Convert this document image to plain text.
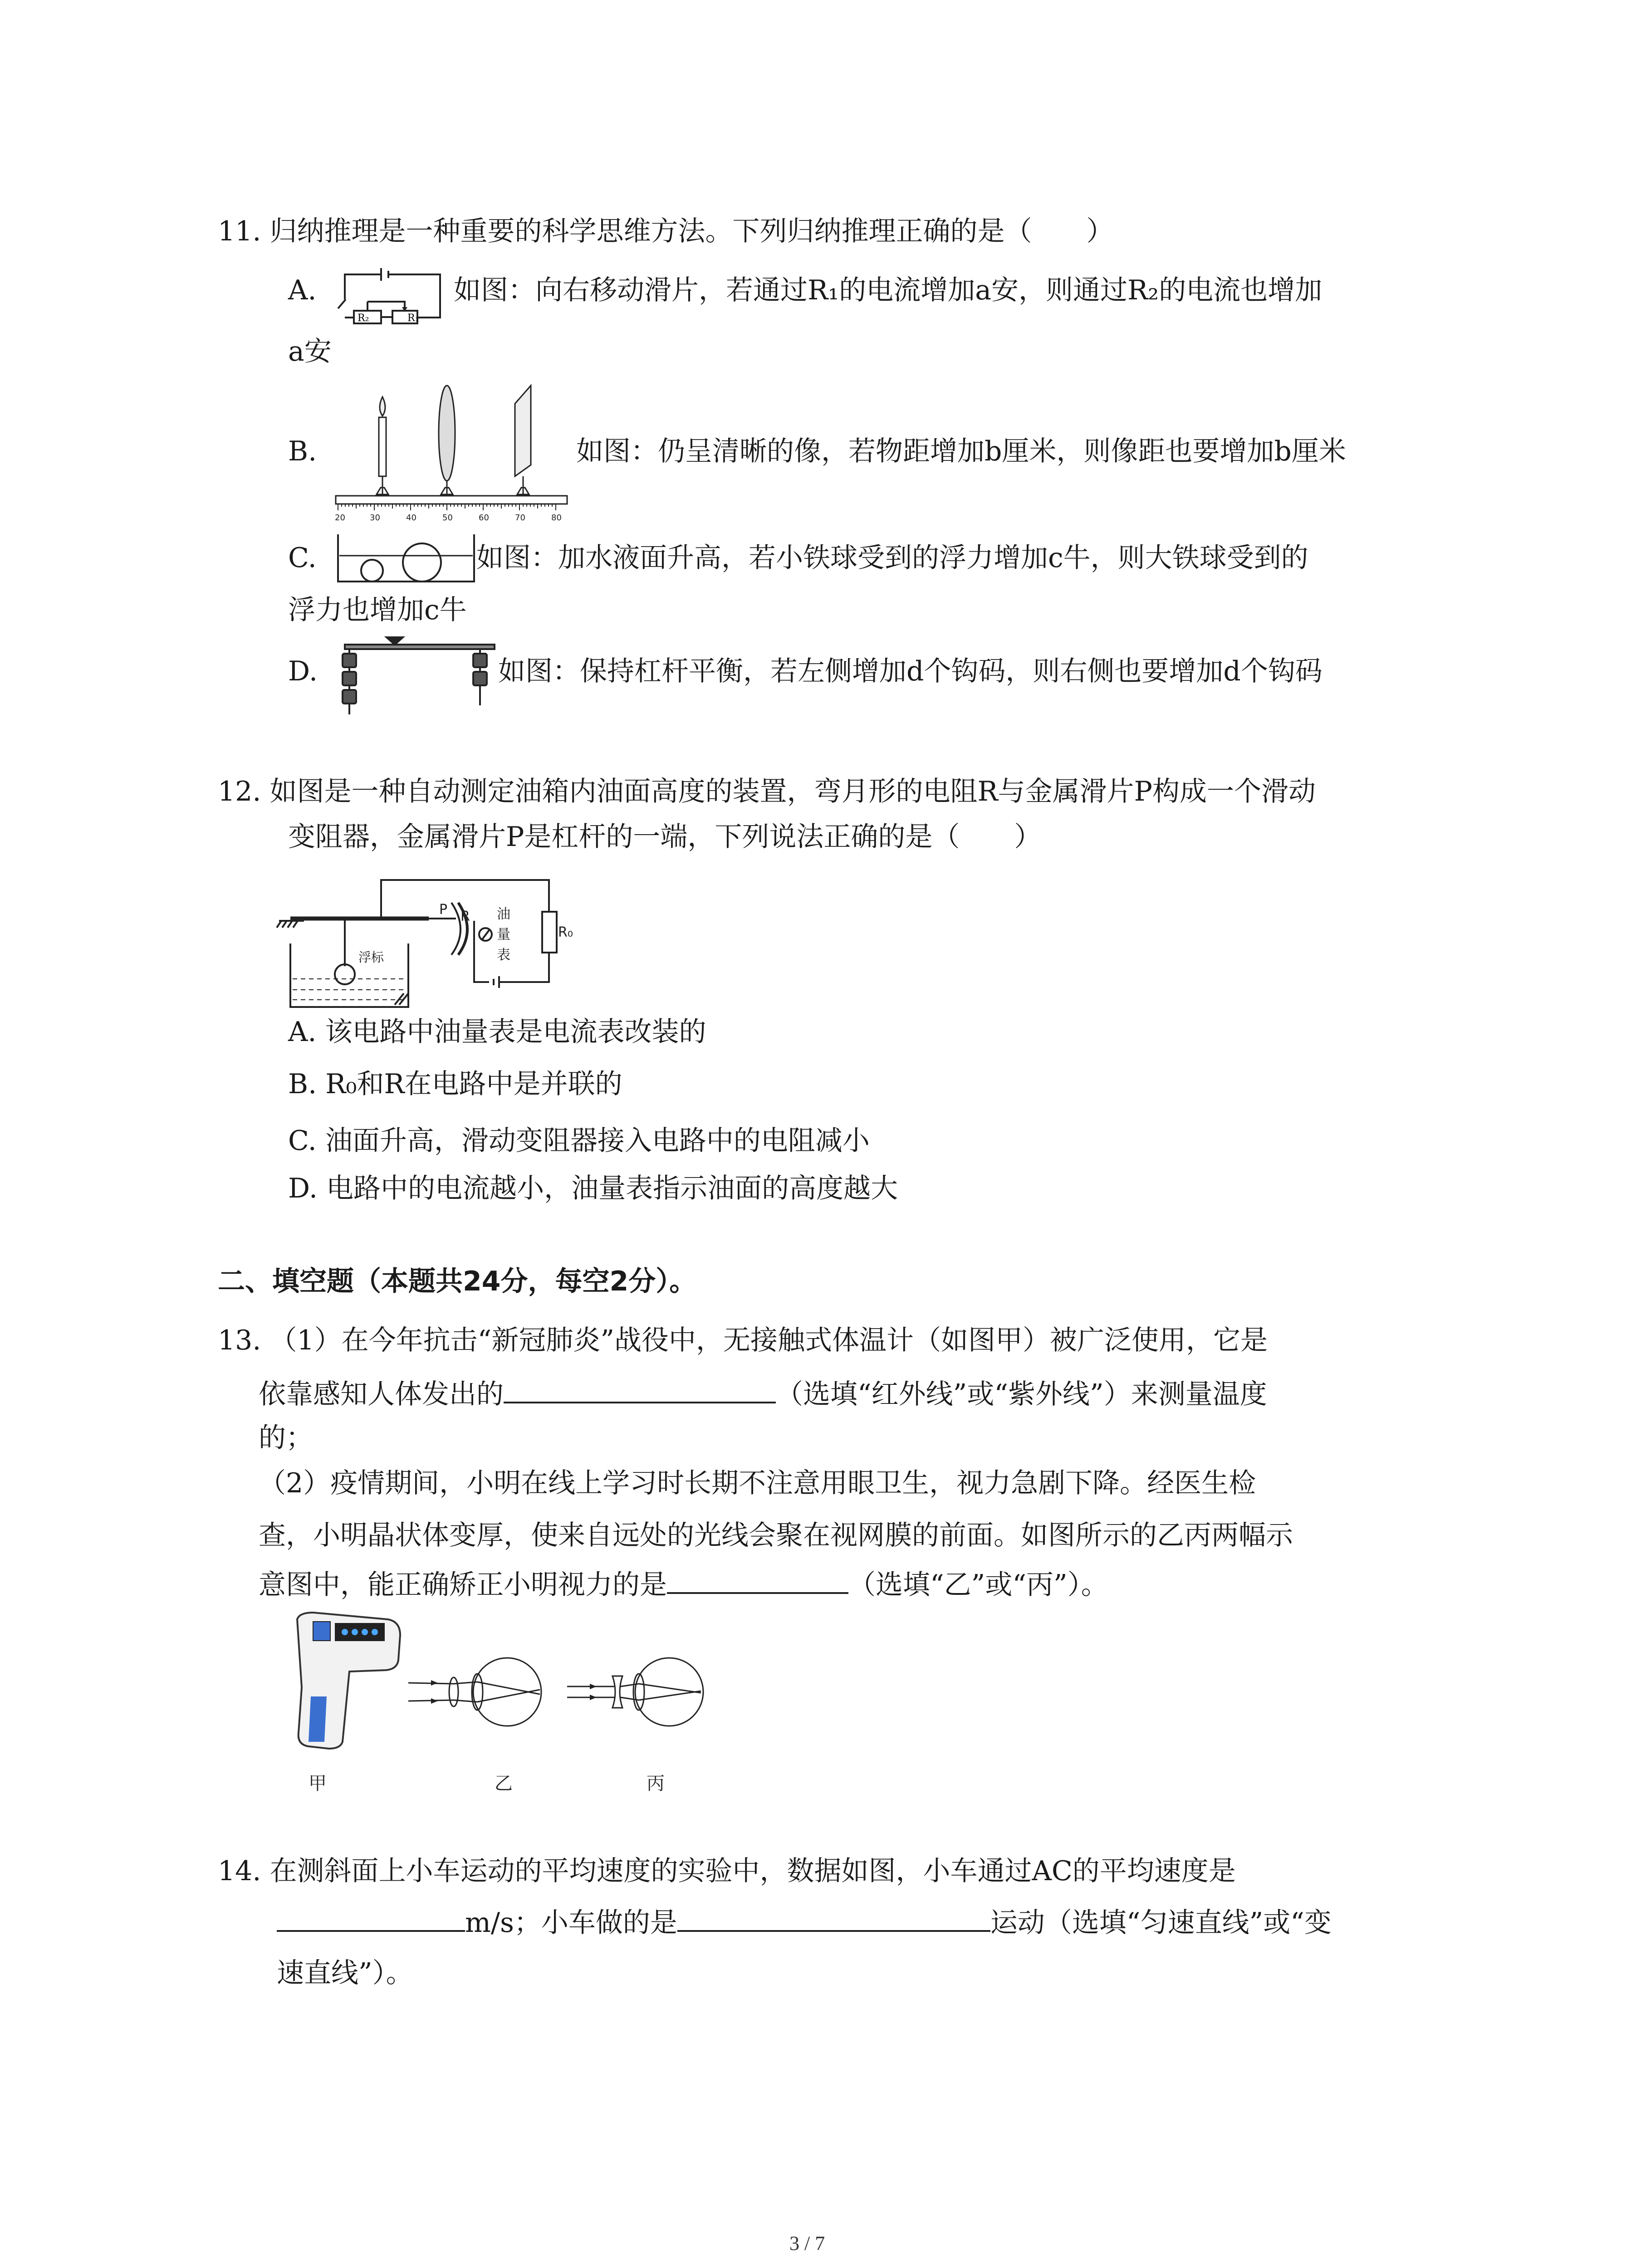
11. 归纳推理是一种重要的科学思维方法。下列归纳推理正确的是（　　）
A.
R₂	R₁
如图：向右移动滑片，若通过R₁的电流增加a安，则通过R₂的电流也增加
a安
B.
20	30	40	50	60	70	80
如图：仍呈清晰的像，若物距增加b厘米，则像距也要增加b厘米
C.	如图：加水液面升高，若小铁球受到的浮力增加c牛，则大铁球受到的
浮力也增加c牛
D.	如图：保持杠杆平衡，若左侧增加d个钩码，则右侧也要增加d个钩码
12. 如图是一种自动测定油箱内油面高度的装置，弯月形的电阻R与金属滑片P构成一个滑动
变阻器，金属滑片P是杠杆的一端，下列说法正确的是（　　）
P R 油
量
表
R₀
浮标
A. 该电路中油量表是电流表改装的
B. R₀和R在电路中是并联的
C. 油面升高，滑动变阻器接入电路中的电阻减小
D. 电路中的电流越小，油量表指示油面的高度越大
二、填空题（本题共24分，每空2分）。
13. （1）在今年抗击“新冠肺炎”战役中，无接触式体温计（如图甲）被广泛使用，它是
依靠感知人体发出的	（选填“红外线”或“紫外线”）来测量温度
的；
（2）疫情期间，小明在线上学习时长期不注意用眼卫生，视力急剧下降。经医生检
查，小明晶状体变厚，使来自远处的光线会聚在视网膜的前面。如图所示的乙丙两幅示
意图中，能正确矫正小明视力的是	（选填“乙”或“丙”）。
甲	乙	丙
14. 在测斜面上小车运动的平均速度的实验中，数据如图，小车通过AC的平均速度是
m/s；小车做的是	运动（选填“匀速直线”或“变
速直线”）。
3 / 7
